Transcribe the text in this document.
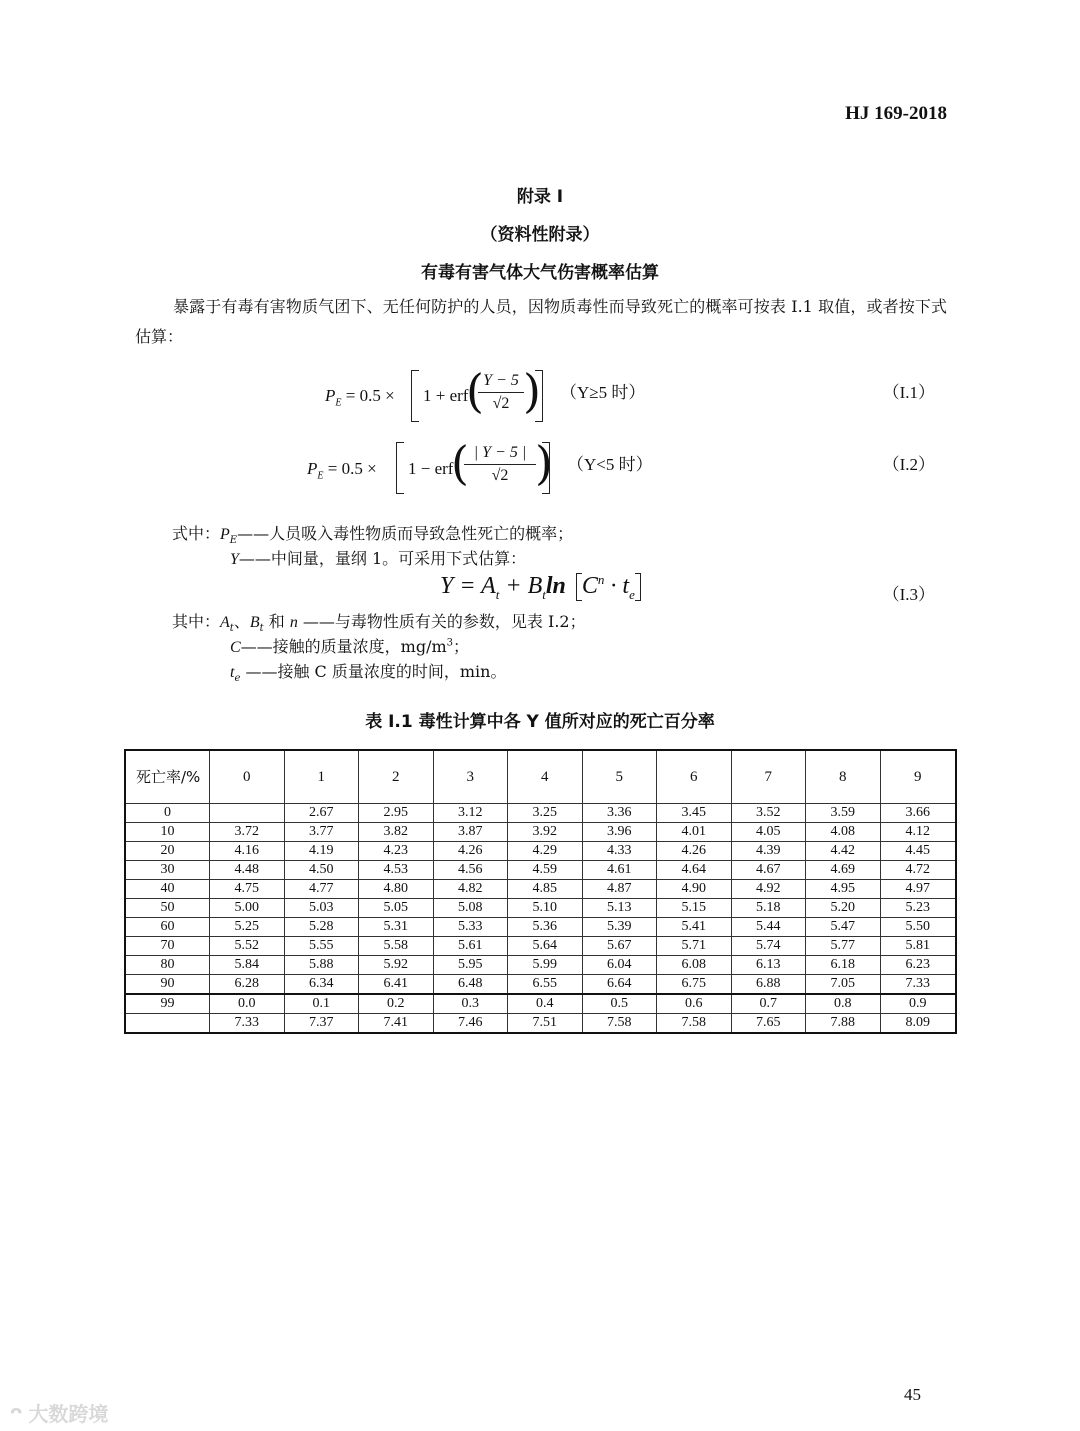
HJ 169-2018
附录 I
（资料性附录）
有毒有害气体大气伤害概率估算
暴露于有毒有害物质气团下、无任何防护的人员，因物质毒性而导致死亡的概率可按表 I.1 取值，或者按下式估算：
$P_E = 0.5 \times 1$ + erf
(
$\frac{Y - 5}{√2}$ ) （Y≥5 时）	（I.1）
$P_E = 0.5 \times 1$ − erf
(
$\frac{| Y - 5 |}{√2}$ ) （Y<5 时）	（I.2）
式中：$P_E——$人员吸入毒性物质而导致急性死亡的概率；
Y——中间量，量纲 1。可采用下式估算：
$Y = A_t + B_t\ln$ $C^n \cdot t_e$	（I.3）
其中：$A_t$、$B_t$ 和 n ——与毒物性质有关的参数，见表 I.2；
C——接触的质量浓度，$mg/m^3$；
$t_e$ ——接触 C 质量浓度的时间，min。
表 I.1 毒性计算中各 Y 值所对应的死亡百分率
死亡率/%	0	1	2	3	4	5	6	7	8	9
0		2.67	2.95	3.12	3.25	3.36	3.45	3.52	3.59	3.66
10	3.72	3.77	3.82	3.87	3.92	3.96	4.01	4.05	4.08	4.12
20	4.16	4.19	4.23	4.26	4.29	4.33	4.26	4.39	4.42	4.45
30	4.48	4.50	4.53	4.56	4.59	4.61	4.64	4.67	4.69	4.72
40	4.75	4.77	4.80	4.82	4.85	4.87	4.90	4.92	4.95	4.97
50	5.00	5.03	5.05	5.08	5.10	5.13	5.15	5.18	5.20	5.23
60	5.25	5.28	5.31	5.33	5.36	5.39	5.41	5.44	5.47	5.50
70	5.52	5.55	5.58	5.61	5.64	5.67	5.71	5.74	5.77	5.81
80	5.84	5.88	5.92	5.95	5.99	6.04	6.08	6.13	6.18	6.23
90	6.28	6.34	6.41	6.48	6.55	6.64	6.75	6.88	7.05	7.33
99	0.0	0.1	0.2	0.3	0.4	0.5	0.6	0.7	0.8	0.9
	7.33	7.37	7.41	7.46	7.51	7.58	7.58	7.65	7.88	8.09
45
ᴖ 大数跨境
